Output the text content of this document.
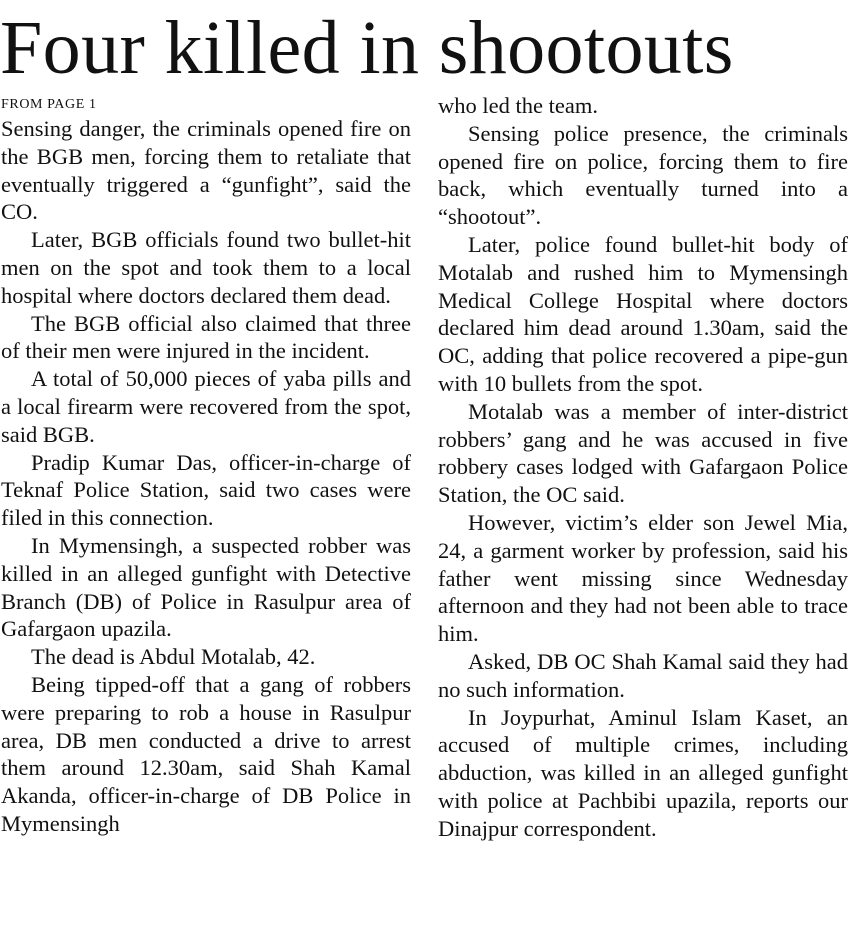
Four killed in shootouts
FROM PAGE 1

Sensing danger, the criminals opened fire on the BGB men, forcing them to retaliate that eventually triggered a “gunfight”, said the CO.

Later, BGB officials found two bullet-hit men on the spot and took them to a local hospital where doctors declared them dead.

The BGB official also claimed that three of their men were injured in the incident.

A total of 50,000 pieces of yaba pills and a local firearm were recovered from the spot, said BGB.

Pradip Kumar Das, officer-in-charge of Teknaf Police Station, said two cases were filed in this connection.

In Mymensingh, a suspected robber was killed in an alleged gunfight with Detective Branch (DB) of Police in Rasulpur area of Gafargaon upazila.

The dead is Abdul Motalab, 42.

Being tipped-off that a gang of robbers were preparing to rob a house in Rasulpur area, DB men conducted a drive to arrest them around 12.30am, said Shah Kamal Akanda, officer-in-charge of DB Police in Mymensingh

who led the team.

Sensing police presence, the criminals opened fire on police, forcing them to fire back, which eventually turned into a “shootout”.

Later, police found bullet-hit body of Motalab and rushed him to Mymensingh Medical College Hospital where doctors declared him dead around 1.30am, said the OC, adding that police recovered a pipe-gun with 10 bullets from the spot.

Motalab was a member of inter-district robbers’ gang and he was accused in five robbery cases lodged with Gafargaon Police Station, the OC said.

However, victim’s elder son Jewel Mia, 24, a garment worker by profession, said his father went missing since Wednesday afternoon and they had not been able to trace him.

Asked, DB OC Shah Kamal said they had no such information.

In Joypurhat, Aminul Islam Kaset, an accused of multiple crimes, including abduction, was killed in an alleged gunfight with police at Pachbibi upazila, reports our Dinajpur correspondent.
